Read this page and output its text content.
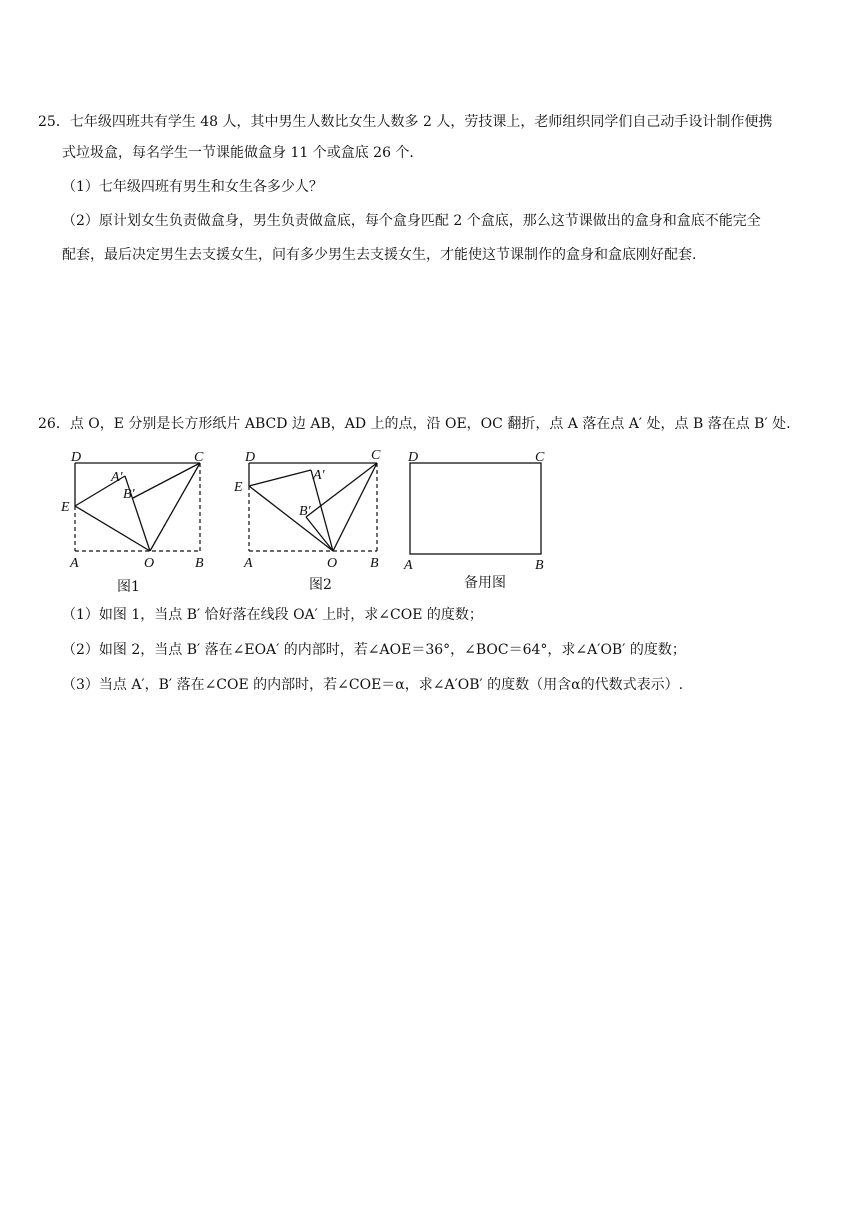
25．七年级四班共有学生 48 人，其中男生人数比女生人数多 2 人，劳技课上，老师组织同学们自己动手设计制作便携
式垃圾盒，每名学生一节课能做盒身 11 个或盒底 26 个.
（1）七年级四班有男生和女生各多少人？
（2）原计划女生负责做盒身，男生负责做盒底，每个盒身匹配 2 个盒底，那么这节课做出的盒身和盒底不能完全
配套，最后决定男生去支援女生，问有多少男生去支援女生，才能使这节课制作的盒身和盒底刚好配套.
26．点 O，E 分别是长方形纸片 ABCD 边 AB，AD 上的点，沿 OE，OC 翻折，点 A 落在点 A′ 处，点 B 落在点 B′ 处.
D	C
A′
B′
E
A	O	B
图1
D	C
A′
B′
E
A	O B
图2
D	C
A	B
备用图
（1）如图 1，当点 B′ 恰好落在线段 OA′ 上时，求∠COE 的度数；
（2）如图 2，当点 B′ 落在∠EOA′ 的内部时，若∠AOE＝36°，∠BOC＝64°，求∠A′OB′ 的度数；
（3）当点 A′，B′ 落在∠COE 的内部时，若∠COE＝α，求∠A′OB′ 的度数（用含α的代数式表示）.
